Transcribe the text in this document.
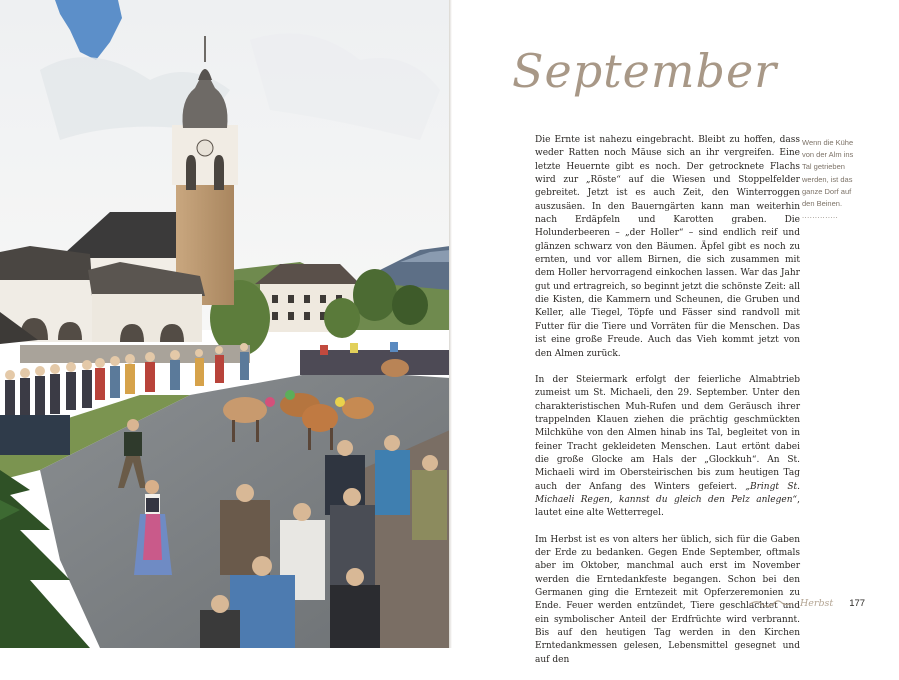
September

Die Ernte ist nahezu eingebracht. Bleibt zu hoffen, dass weder Ratten noch Mäuse sich an ihr vergreifen. Eine letzte Heuernte gibt es noch. Der getrocknete Flachs wird zur „Röste“ auf die Wiesen und Stoppelfelder gebreitet. Jetzt ist es auch Zeit, den Winterroggen auszusäen. In den Bauerngärten kann man weiterhin nach Erdäpfeln und Karotten graben. Die Holunderbeeren – „der Holler“ – sind endlich reif und glänzen schwarz von den Bäumen. Äpfel gibt es noch zu ernten, und vor allem Birnen, die sich zusammen mit dem Holler hervorragend einkochen lassen. War das Jahr gut und ertragreich, so beginnt jetzt die schönste Zeit: all die Kisten, die Kammern und Scheunen, die Gruben und Keller, alle Tiegel, Töpfe und Fässer sind randvoll mit Futter für die Tiere und Vorräten für die Menschen. Das ist eine große Freude. Auch das Vieh kommt jetzt von den Almen zurück.

In der Steiermark erfolgt der feierliche Almabtrieb zumeist um St. Michaeli, den 29. September. Unter den charakteristischen Muh-Rufen und dem Geräusch ihrer trappelnden Klauen ziehen die prächtig geschmückten Milchkühe von den Almen hinab ins Tal, begleitet von in feiner Tracht gekleideten Menschen. Laut ertönt dabei die große Glocke am Hals der „Glockkuh“. An St. Michaeli wird im Obersteirischen bis zum heutigen Tag auch der Anfang des Winters gefeiert. „Bringt St. Michaeli Regen, kannst du gleich den Pelz anlegen“, lautet eine alte Wetterregel.

Im Herbst ist es von alters her üblich, sich für die Gaben der Erde zu bedanken. Gegen Ende September, oftmals aber im Oktober, manchmal auch erst im November werden die Erntedankfeste begangen. Schon bei den Germanen ging die Erntezeit mit Opferzeremonien zu Ende. Feuer werden entzündet, Tiere geschlachtet und ein symbolischer Anteil der Erdfrüchte wird verbrannt. Bis auf den heutigen Tag werden in den Kirchen Erntedankmessen gelesen, Lebensmittel gesegnet und auf den

Wenn die Kühe von der Alm ins Tal getrieben werden, ist das ganze Dorf auf den Beinen.
..............
Herbst 177
